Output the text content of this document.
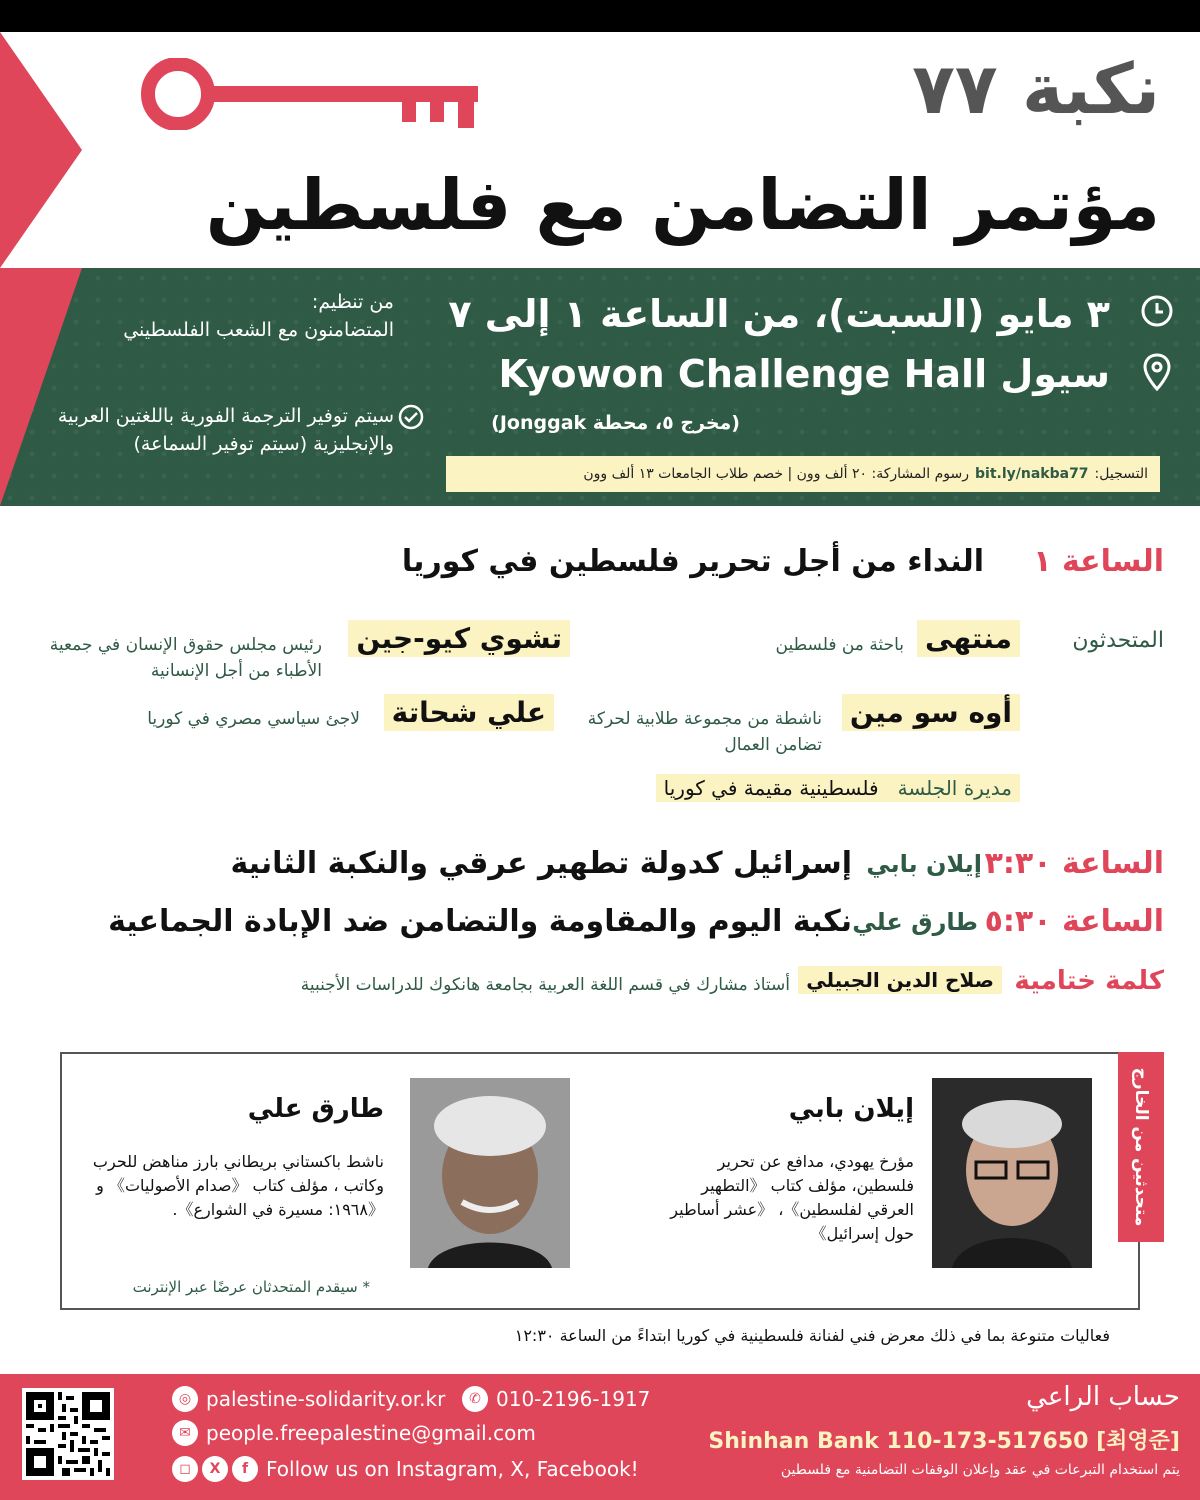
نكبة ٧٧
مؤتمر التضامن مع فلسطين
٣ مايو (السبت)، من الساعة ١ إلى ٧
سيول Kyowon Challenge Hall
(مخرج ٥، محطة Jonggak)
من تنظيم:
المتضامنون مع الشعب الفلسطيني
سيتم توفير الترجمة الفورية باللغتين العربية والإنجليزية (سيتم توفير السماعة)
التسجيل:
bit.ly/nakba77
رسوم المشاركة: ٢٠ ألف وون | خصم طلاب الجامعات ١٣ ألف وون
الساعة ١
النداء من أجل تحرير فلسطين في كوريا
المتحدثون
منتهى
باحثة من فلسطين
تشوي كيو-جين
رئيس مجلس حقوق الإنسان في جمعية الأطباء من أجل الإنسانية
أوه سو مين
ناشطة من مجموعة طلابية لحركة تضامن العمال
علي شحاتة
لاجئ سياسي مصري في كوريا
مديرة الجلسة   فلسطينية مقيمة في كوريا
الساعة ٣:٣٠
إيلان بابي
إسرائيل كدولة تطهير عرقي والنكبة الثانية
الساعة ٥:٣٠
طارق علي
نكبة اليوم والمقاومة والتضامن ضد الإبادة الجماعية
كلمة ختامية
صلاح الدين الجبيلي
أستاذ مشارك في قسم اللغة العربية بجامعة هانكوك للدراسات الأجنبية
متحدثين من الخارج
إيلان بابي
مؤرخ يهودي، مدافع عن تحرير فلسطين، مؤلف كتاب 《التطهير العرقي لفلسطين》، 《عشر أساطير حول إسرائيل》
طارق علي
ناشط باكستاني بريطاني بارز مناهض للحرب وكاتب ، مؤلف كتاب 《صدام الأصوليات》 و《١٩٦٨: مسيرة في الشوارع》.
* سيقدم المتحدثان عرضًا عبر الإنترنت
فعاليات متنوعة بما في ذلك معرض فني لفنانة فلسطينية في كوريا ابتداءً من الساعة ١٢:٣٠
◎ palestine-solidarity.or.kr	✆ 010-2196-1917
✉ people.freepalestine@gmail.com
◻	X	f Follow us on Instagram, X, Facebook!
حساب الراعي
Shinhan Bank 110-173-517650 [최영준]
يتم استخدام التبرعات في عقد وإعلان الوقفات التضامنية مع فلسطين
